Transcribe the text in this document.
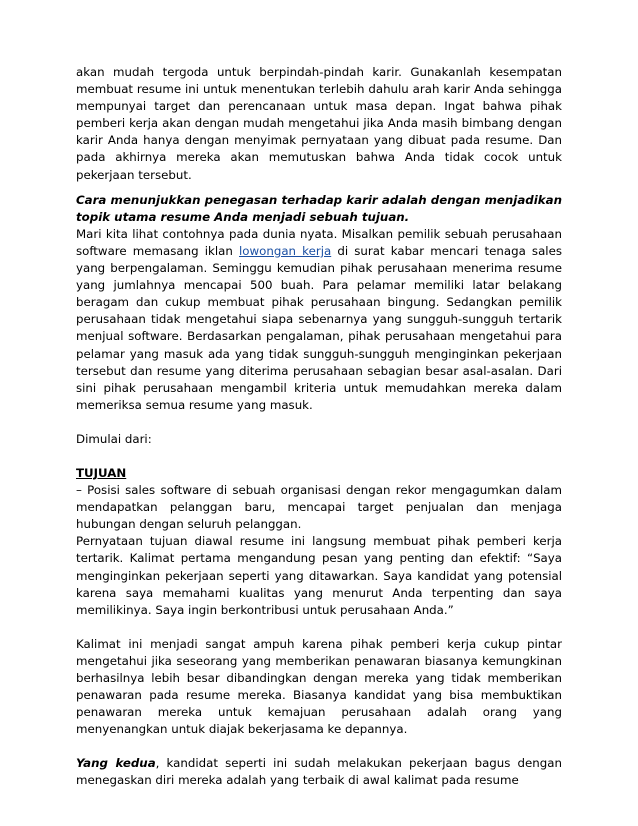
akan mudah tergoda untuk berpindah-pindah karir. Gunakanlah kesempatan membuat resume ini untuk menentukan terlebih dahulu arah karir Anda sehingga mempunyai target dan perencanaan untuk masa depan. Ingat bahwa pihak pemberi kerja akan dengan mudah mengetahui jika Anda masih bimbang dengan karir Anda hanya dengan menyimak pernyataan yang dibuat pada resume. Dan pada akhirnya mereka akan memutuskan bahwa Anda tidak cocok untuk pekerjaan tersebut.

Cara menunjukkan penegasan terhadap karir adalah dengan menjadikan topik utama resume Anda menjadi sebuah tujuan.

Mari kita lihat contohnya pada dunia nyata. Misalkan pemilik sebuah perusahaan software memasang iklan lowongan kerja di surat kabar mencari tenaga sales yang berpengalaman. Seminggu kemudian pihak perusahaan menerima resume yang jumlahnya mencapai 500 buah. Para pelamar memiliki latar belakang beragam dan cukup membuat pihak perusahaan bingung. Sedangkan pemilik perusahaan tidak mengetahui siapa sebenarnya yang sungguh-sungguh tertarik menjual software. Berdasarkan pengalaman, pihak perusahaan mengetahui para pelamar yang masuk ada yang tidak sungguh-sungguh menginginkan pekerjaan tersebut dan resume yang diterima perusahaan sebagian besar asal-asalan. Dari sini pihak perusahaan mengambil kriteria untuk memudahkan mereka dalam memeriksa semua resume yang masuk.

Dimulai dari:

TUJUAN

– Posisi sales software di sebuah organisasi dengan rekor mengagumkan dalam mendapatkan pelanggan baru, mencapai target penjualan dan menjaga hubungan dengan seluruh pelanggan.

Pernyataan tujuan diawal resume ini langsung membuat pihak pemberi kerja tertarik. Kalimat pertama mengandung pesan yang penting dan efektif: “Saya menginginkan pekerjaan seperti yang ditawarkan. Saya kandidat yang potensial karena saya memahami kualitas yang menurut Anda terpenting dan saya memilikinya. Saya ingin berkontribusi untuk perusahaan Anda.”

Kalimat ini menjadi sangat ampuh karena pihak pemberi kerja cukup pintar mengetahui jika seseorang yang memberikan penawaran biasanya kemungkinan berhasilnya lebih besar dibandingkan dengan mereka yang tidak memberikan penawaran pada resume mereka. Biasanya kandidat yang bisa membuktikan penawaran mereka untuk kemajuan perusahaan adalah orang yang menyenangkan untuk diajak bekerjasama ke depannya.

Yang kedua, kandidat seperti ini sudah melakukan pekerjaan bagus dengan menegaskan diri mereka adalah yang terbaik di awal kalimat pada resume
